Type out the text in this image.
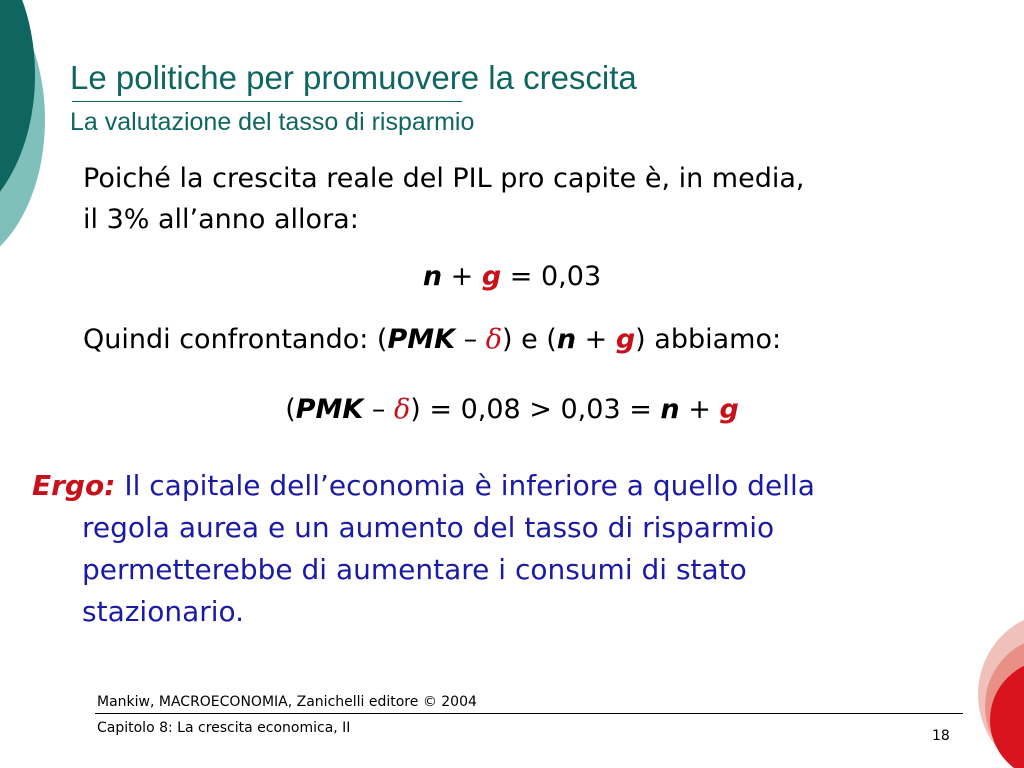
Le politiche per promuovere la crescita
La valutazione del tasso di risparmio
Poiché la crescita reale del PIL pro capite è, in media,
il 3% all’anno allora:
n + g = 0,03
Quindi confrontando: (PMK – δ) e (n + g) abbiamo:
(PMK – δ) = 0,08 > 0,03 = n + g
Ergo: Il capitale dell’economia è inferiore a quello della
regola aurea e un aumento del tasso di risparmio
permetterebbe di aumentare i consumi di stato
stazionario.
Mankiw, MACROECONOMIA, Zanichelli editore © 2004
Capitolo 8: La crescita economica, II	18
